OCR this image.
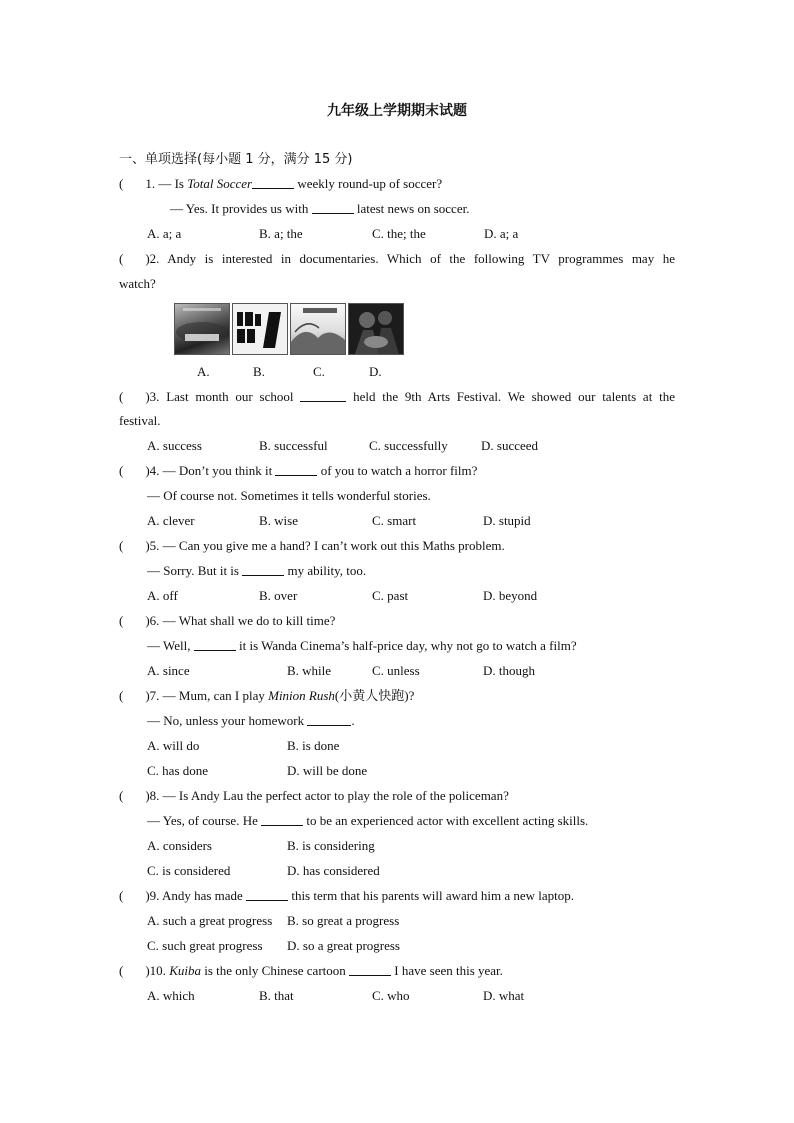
九年级上学期期末试题
一、单项选择(每小题 1 分，满分 15 分)
( 1. — Is Total Soccer	weekly round-up of soccer?
— Yes. It provides us with	latest news on soccer.
A. a; a	B. a; the	C. the; the	D. a; a
( )2. Andy is interested in documentaries. Which of the following TV programmes may he
watch?
A.	B.	C.	D.
( )3. Last month our school	held the 9th Arts Festival. We showed our talents at the
festival.
A. success	B. successful	C. successfully	D. succeed
( )4. — Don’t you think it	of you to watch a horror film?
— Of course not. Sometimes it tells wonderful stories.
A. clever	B. wise	C. smart	D. stupid
( )5. — Can you give me a hand? I can’t work out this Maths problem.
— Sorry. But it is	my ability, too.
A. off	B. over	C. past	D. beyond
( )6. — What shall we do to kill time?
— Well,	it is Wanda Cinema’s half-price day, why not go to watch a film?
A. since	B. while	C. unless	D. though
( )7. — Mum, can I play Minion Rush(小黄人快跑)?
— No, unless your homework	.
A. will do	B. is done
C. has done	D. will be done
( )8. — Is Andy Lau the perfect actor to play the role of the policeman?
— Yes, of course. He	to be an experienced actor with excellent acting skills.
A. considers	B. is considering
C. is considered	D. has considered
( )9. Andy has made	this term that his parents will award him a new laptop.
A. such a great progress B. so great a progress
C. such great progress D. so a great progress
( )10. Kuiba is the only Chinese cartoon	I have seen this year.
A. which	B. that	C. who	D. what
